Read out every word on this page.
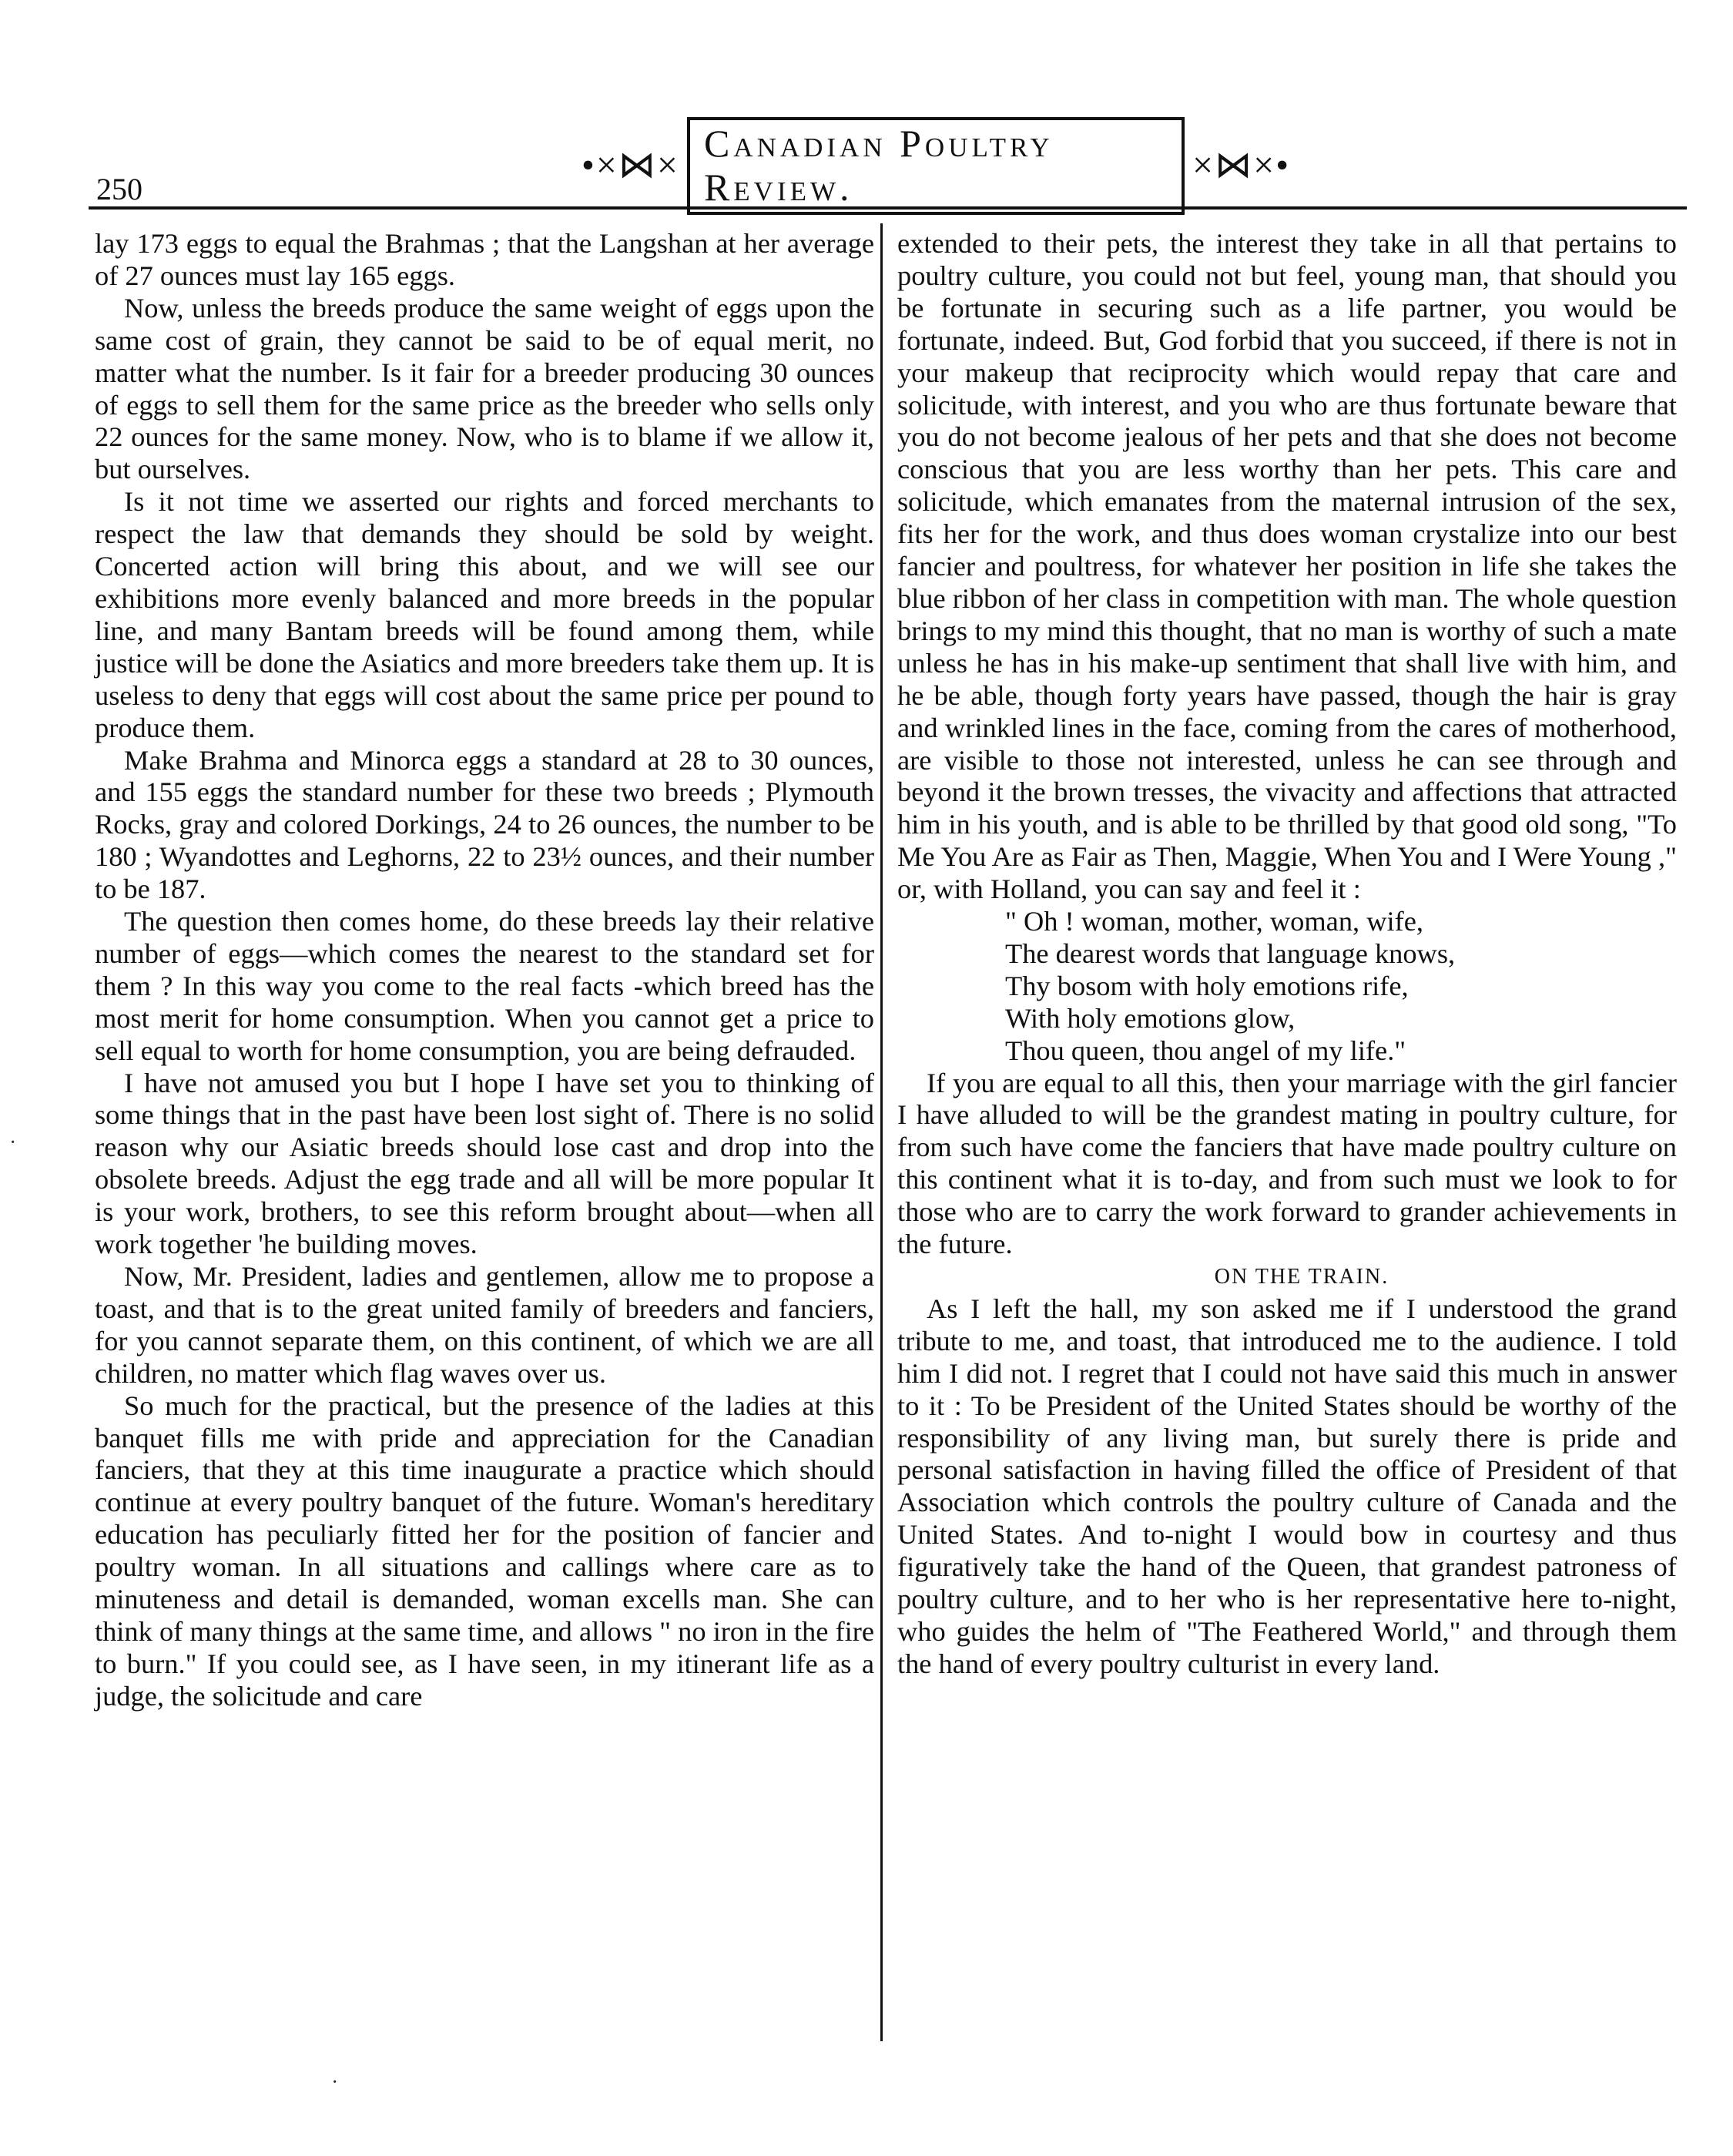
250
•×⋈×
Canadian Poultry Review.
×⋈×•

lay 173 eggs to equal the Brahmas ; that the Langshan at her average of 27 ounces must lay 165 eggs.

Now, unless the breeds produce the same weight of eggs upon the same cost of grain, they cannot be said to be of equal merit, no matter what the number. Is it fair for a breeder producing 30 ounces of eggs to sell them for the same price as the breeder who sells only 22 ounces for the same money. Now, who is to blame if we allow it, but ourselves.

Is it not time we asserted our rights and forced merchants to respect the law that demands they should be sold by weight. Concerted action will bring this about, and we will see our exhibitions more evenly balanced and more breeds in the popular line, and many Bantam breeds will be found among them, while justice will be done the Asiatics and more breeders take them up. It is useless to deny that eggs will cost about the same price per pound to produce them.

Make Brahma and Minorca eggs a standard at 28 to 30 ounces, and 155 eggs the standard number for these two breeds ; Plymouth Rocks, gray and colored Dorkings, 24 to 26 ounces, the number to be 180 ; Wyandottes and Leghorns, 22 to 23½ ounces, and their number to be 187.

The question then comes home, do these breeds lay their relative number of eggs—which comes the nearest to the standard set for them ? In this way you come to the real facts -which breed has the most merit for home consumption. When you cannot get a price to sell equal to worth for home consumption, you are being defrauded.

I have not amused you but I hope I have set you to thinking of some things that in the past have been lost sight of. There is no solid reason why our Asiatic breeds should lose cast and drop into the obsolete breeds. Adjust the egg trade and all will be more popular It is your work, brothers, to see this reform brought about—when all work together 'he building moves.

Now, Mr. President, ladies and gentlemen, allow me to propose a toast, and that is to the great united family of breeders and fanciers, for you cannot separate them, on this continent, of which we are all children, no matter which flag waves over us.

So much for the practical, but the presence of the ladies at this banquet fills me with pride and appreciation for the Canadian fanciers, that they at this time inaugurate a practice which should continue at every poultry banquet of the future. Woman's hereditary education has peculiarly fitted her for the position of fancier and poultry woman. In all situations and callings where care as to minuteness and detail is demanded, woman excells man. She can think of many things at the same time, and allows " no iron in the fire to burn." If you could see, as I have seen, in my itinerant life as a judge, the solicitude and care

extended to their pets, the interest they take in all that pertains to poultry culture, you could not but feel, young man, that should you be fortunate in securing such as a life partner, you would be fortunate, indeed. But, God forbid that you succeed, if there is not in your makeup that reciprocity which would repay that care and solicitude, with interest, and you who are thus fortunate beware that you do not become jealous of her pets and that she does not become conscious that you are less worthy than her pets. This care and solicitude, which emanates from the maternal intrusion of the sex, fits her for the work, and thus does woman crystalize into our best fancier and poultress, for whatever her position in life she takes the blue ribbon of her class in competition with man. The whole question brings to my mind this thought, that no man is worthy of such a mate unless he has in his make-up sentiment that shall live with him, and he be able, though forty years have passed, though the hair is gray and wrinkled lines in the face, coming from the cares of motherhood, are visible to those not interested, unless he can see through and beyond it the brown tresses, the vivacity and affections that attracted him in his youth, and is able to be thrilled by that good old song, "To Me You Are as Fair as Then, Maggie, When You and I Were Young ," or, with Holland, you can say and feel it :

" Oh ! woman, mother, woman, wife,
The dearest words that language knows,
Thy bosom with holy emotions rife,
With holy emotions glow,
Thou queen, thou angel of my life."

If you are equal to all this, then your marriage with the girl fancier I have alluded to will be the grandest mating in poultry culture, for from such have come the fanciers that have made poultry culture on this continent what it is to-day, and from such must we look to for those who are to carry the work forward to grander achievements in the future.

ON THE TRAIN.

As I left the hall, my son asked me if I understood the grand tribute to me, and toast, that introduced me to the audience. I told him I did not. I regret that I could not have said this much in answer to it : To be President of the United States should be worthy of the responsibility of any living man, but surely there is pride and personal satisfaction in having filled the office of President of that Association which controls the poultry culture of Canada and the United States. And to-night I would bow in courtesy and thus figuratively take the hand of the Queen, that grandest patroness of poultry culture, and to her who is her representative here to-night, who guides the helm of "The Feathered World," and through them the hand of every poultry culturist in every land.

·
·
